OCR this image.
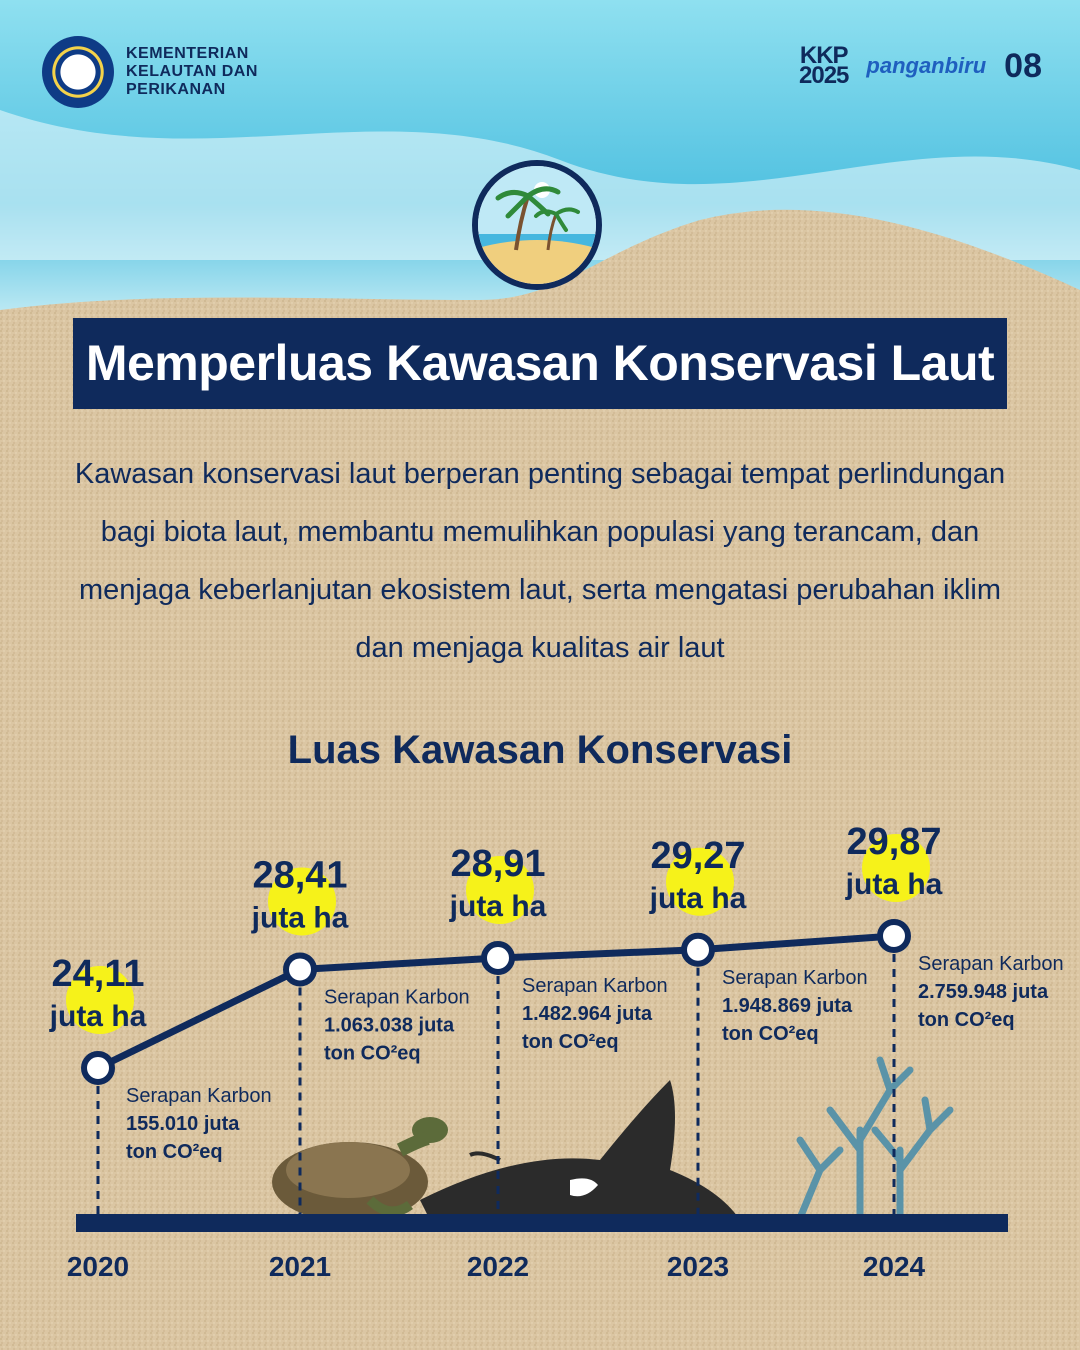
KEMENTERIAN
KELAUTAN DAN
PERIKANAN
KKP
2025 panganbiru 08
Memperluas Kawasan Konservasi Laut
Kawasan konservasi laut berperan penting sebagai tempat perlindungan bagi biota laut, membantu memulihkan populasi yang terancam, dan menjaga keberlanjutan ekosistem laut, serta mengatasi perubahan iklim dan menjaga kualitas air laut
Luas Kawasan Konservasi
24,11
juta ha
28,41
juta ha
28,91
juta ha
29,27
juta ha
29,87
juta ha
Serapan Karbon
155.010 juta
ton CO²eq
Serapan Karbon
1.063.038 juta
ton CO²eq
Serapan Karbon
1.482.964 juta
ton CO²eq
Serapan Karbon
1.948.869 juta
ton CO²eq
Serapan Karbon
2.759.948 juta
ton CO²eq
2020	2021	2022	2023	2024
